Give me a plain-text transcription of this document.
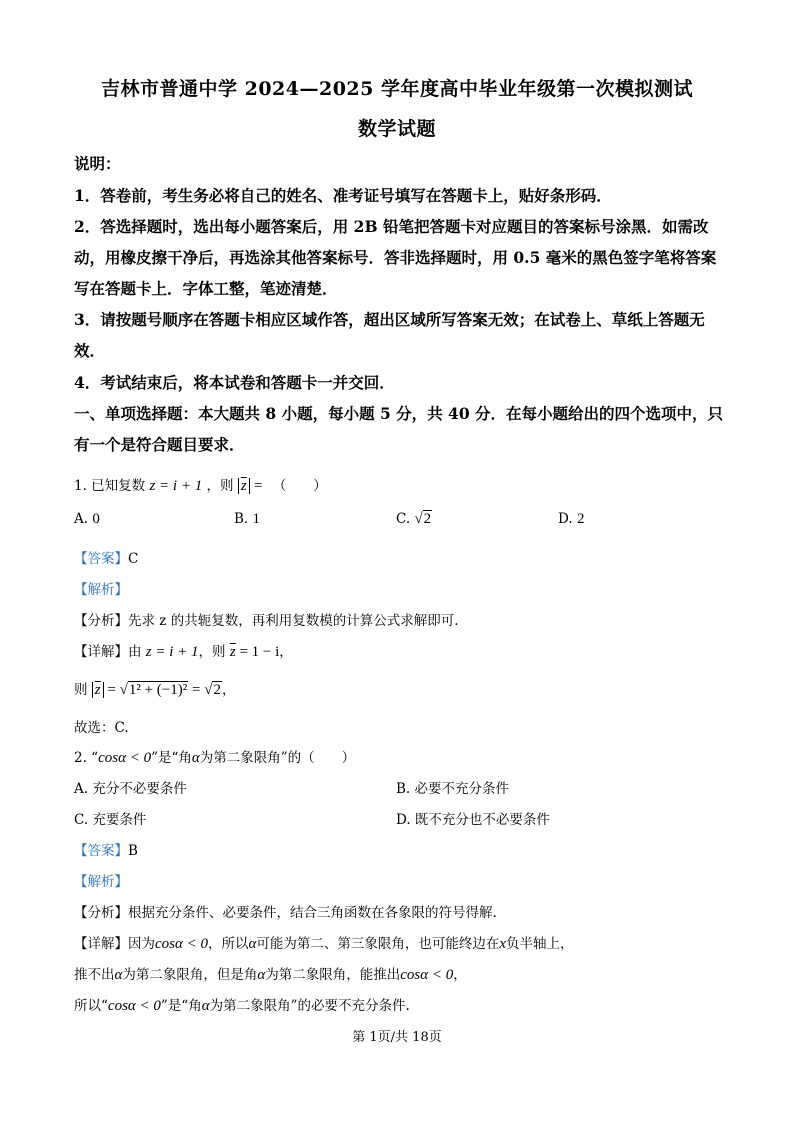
吉林市普通中学 2024—2025 学年度高中毕业年级第一次模拟测试
数学试题
说明：
1．答卷前，考生务必将自己的姓名、准考证号填写在答题卡上，贴好条形码．
2．答选择题时，选出每小题答案后，用 2B 铅笔把答题卡对应题目的答案标号涂黑．如需改
动，用橡皮擦干净后，再选涂其他答案标号．答非选择题时，用 0.5 毫米的黑色签字笔将答案
写在答题卡上．字体工整，笔迹清楚．
3．请按题号顺序在答题卡相应区域作答，超出区域所写答案无效；在试卷上、草纸上答题无
效．
4．考试结束后，将本试卷和答题卡一并交回．
一、单项选择题：本大题共 8 小题，每小题 5 分，共 40 分．在每小题给出的四个选项中，只
有一个是符合题目要求．
1. 已知复数 z = i + 1 ，则 $\overline{z}$ = （　　）
A. 0	B. 1	C. √2	D. 2
【答案】C
【解析】
【分析】先求 z 的共轭复数，再利用复数模的计算公式求解即可.
【详解】由 z = i + 1，则 $\overline{z} = 1 - i$，
则 $\overline{z} = √1^2 + (-1)^2 = √2$，
故选：C.
2. “cosα < 0”是“角α为第二象限角”的（　　）
A. 充分不必要条件	B. 必要不充分条件
C. 充要条件	D. 既不充分也不必要条件
【答案】B
【解析】
【分析】根据充分条件、必要条件，结合三角函数在各象限的符号得解.
【详解】因为cosα < 0，所以α可能为第二、第三象限角，也可能终边在x负半轴上，
推不出α为第二象限角，但是角α为第二象限角，能推出cosα < 0，
所以“cosα < 0”是“角α为第二象限角”的必要不充分条件.
第 1页/共 18页
